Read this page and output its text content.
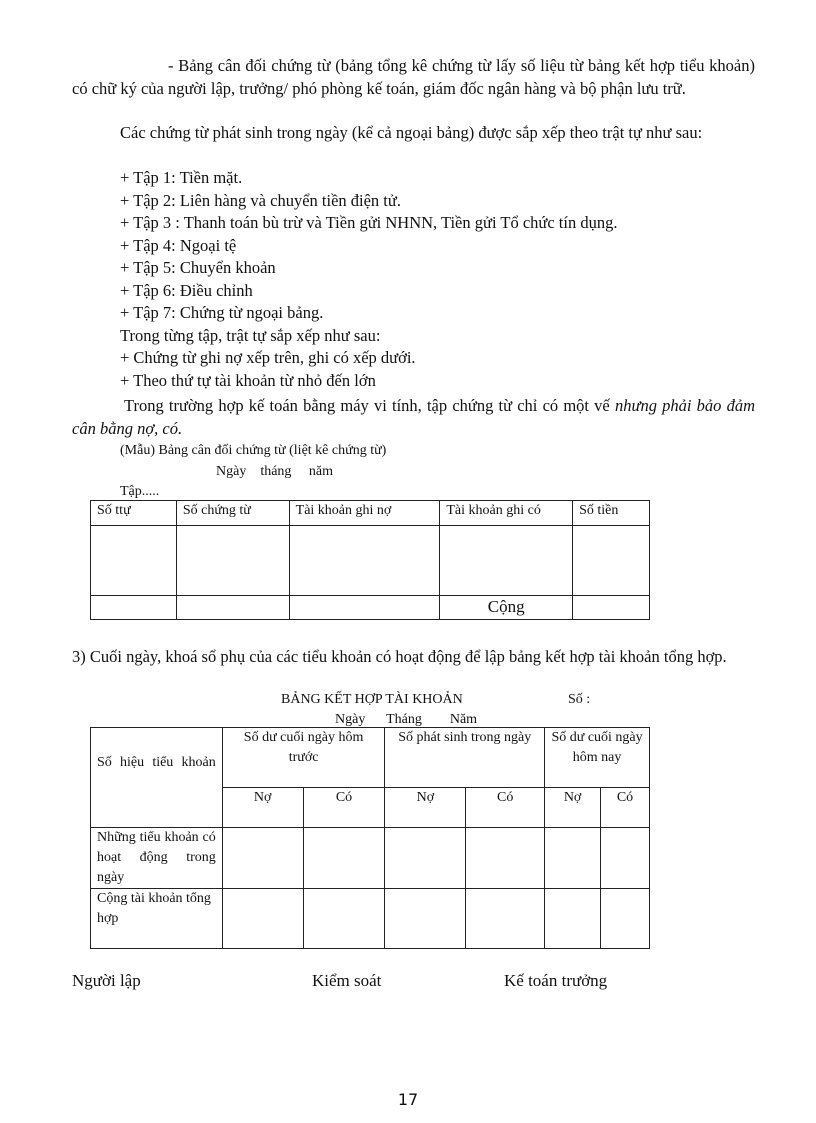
- Bảng cân đối chứng từ (bảng tổng kê chứng từ lấy số liệu từ bảng kết hợp tiểu khoản) có chữ ký của người lập, trưởng/ phó phòng kế toán, giám đốc ngân hàng và bộ phận lưu trữ.

Các chứng từ phát sinh trong ngày (kể cả ngoại bảng) được sắp xếp theo trật tự như sau:

+ Tập 1: Tiền mặt.
+ Tập 2: Liên hàng và chuyển tiền điện tử.
+ Tập 3 : Thanh toán bù trừ và Tiền gửi NHNN, Tiền gửi Tổ chức tín dụng.
+ Tập 4: Ngoại tệ
+ Tập 5: Chuyển khoản
+ Tập 6: Điều chỉnh
+ Tập 7: Chứng từ ngoại bảng.
Trong từng tập, trật tự sắp xếp như sau:
+ Chứng từ ghi nợ xếp trên, ghi có xếp dưới.
+ Theo thứ tự tài khoản từ nhỏ đến lớn

Trong trường hợp kế toán bằng máy vi tính, tập chứng từ chỉ có một vế nhưng phải bảo đảm cân bằng nợ, có.

(Mẫu) Bảng cân đối chứng từ (liệt kê chứng từ)
Ngày    tháng     năm
Tập.....
Số ttự	Số chứng từ	Tài khoản ghi nợ	Tài khoản ghi có	Số tiền

			Cộng	

3) Cuối ngày, khoá sổ phụ của các tiểu khoản có hoạt động để lập bảng kết hợp tài khoản tổng hợp.

BẢNG KẾT HỢP TÀI KHOẢN	Số :
Ngày      Tháng        Năm
Số hiệu tiểu khoản	Số dư cuối ngày hôm trước		Số phát sinh trong ngày		Số dư cuối ngày hôm nay	
	Nợ	Có	Nợ	Có	Nợ	Có
Những tiểu khoản có hoạt động trong ngày						
Cộng tài khoản tổng hợp						
Người lập	Kiểm soát	Kế toán trưởng
17
